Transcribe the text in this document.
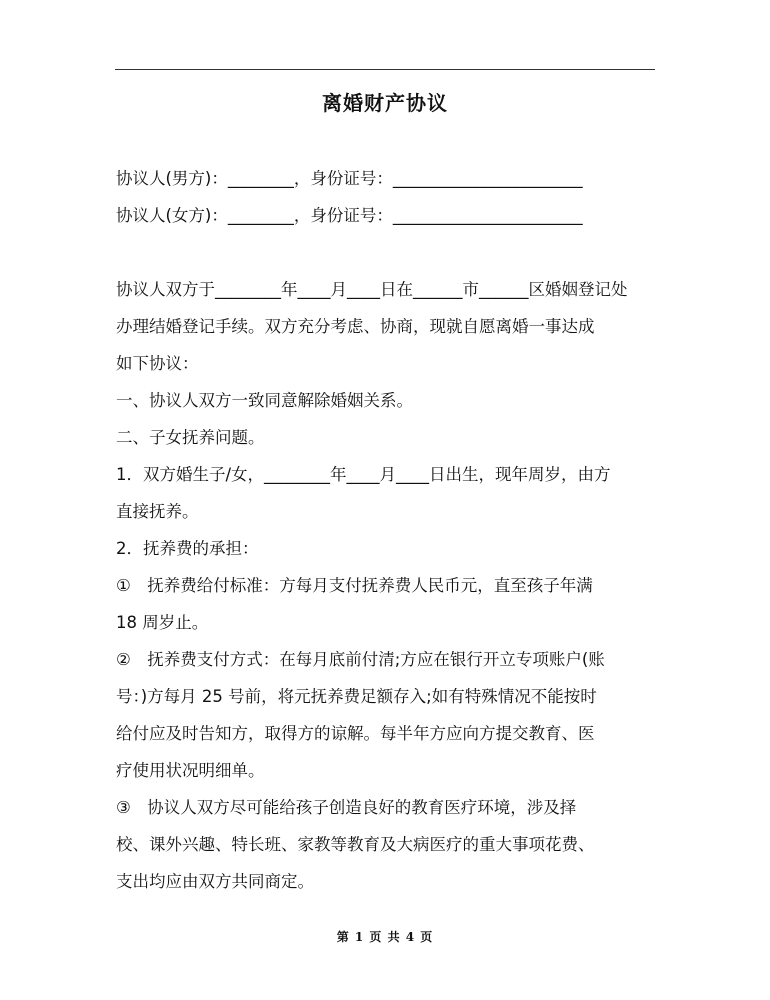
离婚财产协议
协议人(男方)：________，身份证号：_______________________
协议人(女方)：________，身份证号：_______________________
协议人双方于________年____月____日在______市______区婚姻登记处
办理结婚登记手续。双方充分考虑、协商，现就自愿离婚一事达成
如下协议：
一、协议人双方一致同意解除婚姻关系。
二、子女抚养问题。
1．双方婚生子/女，________年____月____日出生，现年周岁，由方
直接抚养。
2．抚养费的承担：
①　抚养费给付标准：方每月支付抚养费人民币元，直至孩子年满
18 周岁止。
②　抚养费支付方式：在每月底前付清;方应在银行开立专项账户(账
号：)方每月 25 号前，将元抚养费足额存入;如有特殊情况不能按时
给付应及时告知方，取得方的谅解。每半年方应向方提交教育、医
疗使用状况明细单。
③　协议人双方尽可能给孩子创造良好的教育医疗环境，涉及择
校、课外兴趣、特长班、家教等教育及大病医疗的重大事项花费、
支出均应由双方共同商定。
第 1 页 共 4 页
